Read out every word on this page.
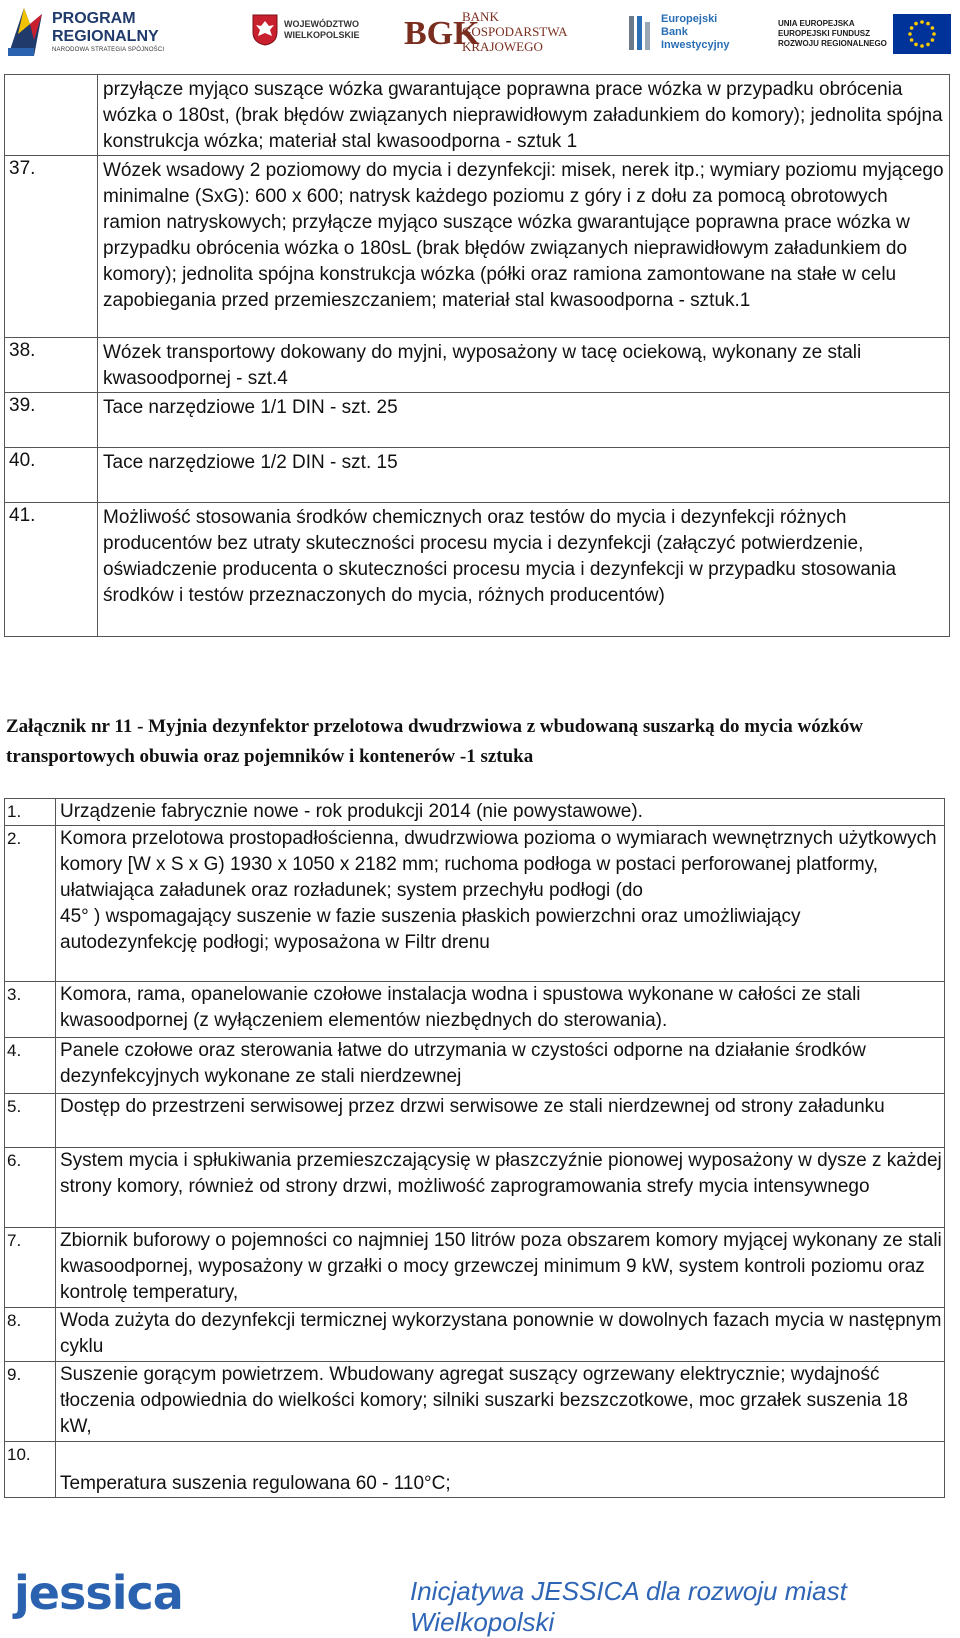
PROGRAM
REGIONALNY
NARODOWA STRATEGIA SPÓJNOŚCI
WOJEWÓDZTWO
WIELKOPOLSKIE BGK
BANK
GOSPODARSTWA
KRAJOWEGO
Europejski
Bank
Inwestycyjny
UNIA EUROPEJSKA
EUROPEJSKI FUNDUSZ
ROZWOJU REGIONALNEGO
	przyłącze myjąco suszące wózka gwarantujące poprawna prace wózka w przypadku obrócenia wózka o 180st, (brak błędów związanych nieprawidłowym załadunkiem do komory); jednolita spójna konstrukcja wózka; materiał stal kwasoodporna - sztuk 1
37.	Wózek wsadowy 2 poziomowy do mycia i dezynfekcji: misek, nerek itp.; wymiary poziomu myjącego minimalne (SxG): 600 x 600; natrysk każdego poziomu z góry i z dołu za pomocą obrotowych ramion natryskowych; przyłącze myjąco suszące wózka gwarantujące poprawna prace wózka w przypadku obrócenia wózka o 180sL (brak błędów związanych nieprawidłowym załadunkiem do komory); jednolita spójna konstrukcja wózka (półki oraz ramiona zamontowane na stałe w celu zapobiegania przed przemieszczaniem; materiał stal kwasoodporna - sztuk.1
38.	Wózek transportowy dokowany do myjni, wyposażony w tacę ociekową, wykonany ze stali kwasoodpornej - szt.4
39.	Tace narzędziowe 1/1 DIN - szt. 25
40.	Tace narzędziowe 1/2 DIN - szt. 15
41.	Możliwość stosowania środków chemicznych oraz testów do mycia i dezynfekcji różnych producentów bez utraty skuteczności procesu mycia i dezynfekcji (załączyć potwierdzenie, oświadczenie producenta o skuteczności procesu mycia i dezynfekcji w przypadku stosowania środków i testów przeznaczonych do mycia, różnych producentów)
Załącznik nr 11 - Myjnia dezynfektor przelotowa dwudrzwiowa z wbudowaną suszarką do mycia wózków transportowych obuwia oraz pojemników i kontenerów -1 sztuka
1.	Urządzenie fabrycznie nowe - rok produkcji 2014 (nie powystawowe).
2.	Komora przelotowa prostopadłościenna, dwudrzwiowa pozioma o wymiarach wewnętrznych użytkowych komory [W x S x G) 1930 x 1050 x 2182 mm; ruchoma podłoga w postaci perforowanej platformy, ułatwiająca załadunek oraz rozładunek; system przechyłu podłogi (do
45° ) wspomagający suszenie w fazie suszenia płaskich powierzchni oraz umożliwiający autodezynfekcję podłogi; wyposażona w Filtr drenu

3.	Komora, rama, opanelowanie czołowe instalacja wodna i spustowa wykonane w całości ze stali kwasoodpornej (z wyłączeniem elementów niezbędnych do sterowania).
4.	Panele czołowe oraz sterowania łatwe do utrzymania w czystości odporne na działanie środków dezynfekcyjnych wykonane ze stali nierdzewnej
5.	Dostęp do przestrzeni serwisowej przez drzwi serwisowe ze stali nierdzewnej od strony załadunku
6.	System mycia i spłukiwania przemieszczającysię w płaszczyźnie pionowej wyposażony w dysze z każdej strony komory, również od strony drzwi, możliwość zaprogramowania strefy mycia intensywnego
7.	Zbiornik buforowy o pojemności co najmniej 150 litrów poza obszarem komory myjącej wykonany ze stali kwasoodpornej, wyposażony w grzałki o mocy grzewczej minimum 9 kW, system kontroli poziomu oraz kontrolę temperatury,
8.	Woda zużyta do dezynfekcji termicznej wykorzystana ponownie w dowolnych fazach mycia w następnym cyklu
9.	Suszenie gorącym powietrzem. Wbudowany agregat suszący ogrzewany elektrycznie; wydajność tłoczenia odpowiednia do wielkości komory; silniki suszarki bezszczotkowe, moc grzałek suszenia 18 kW,
10.	Temperatura suszenia regulowana 60 - 110°C;
jessica	Inicjatywa JESSICA dla rozwoju miast Wielkopolski
